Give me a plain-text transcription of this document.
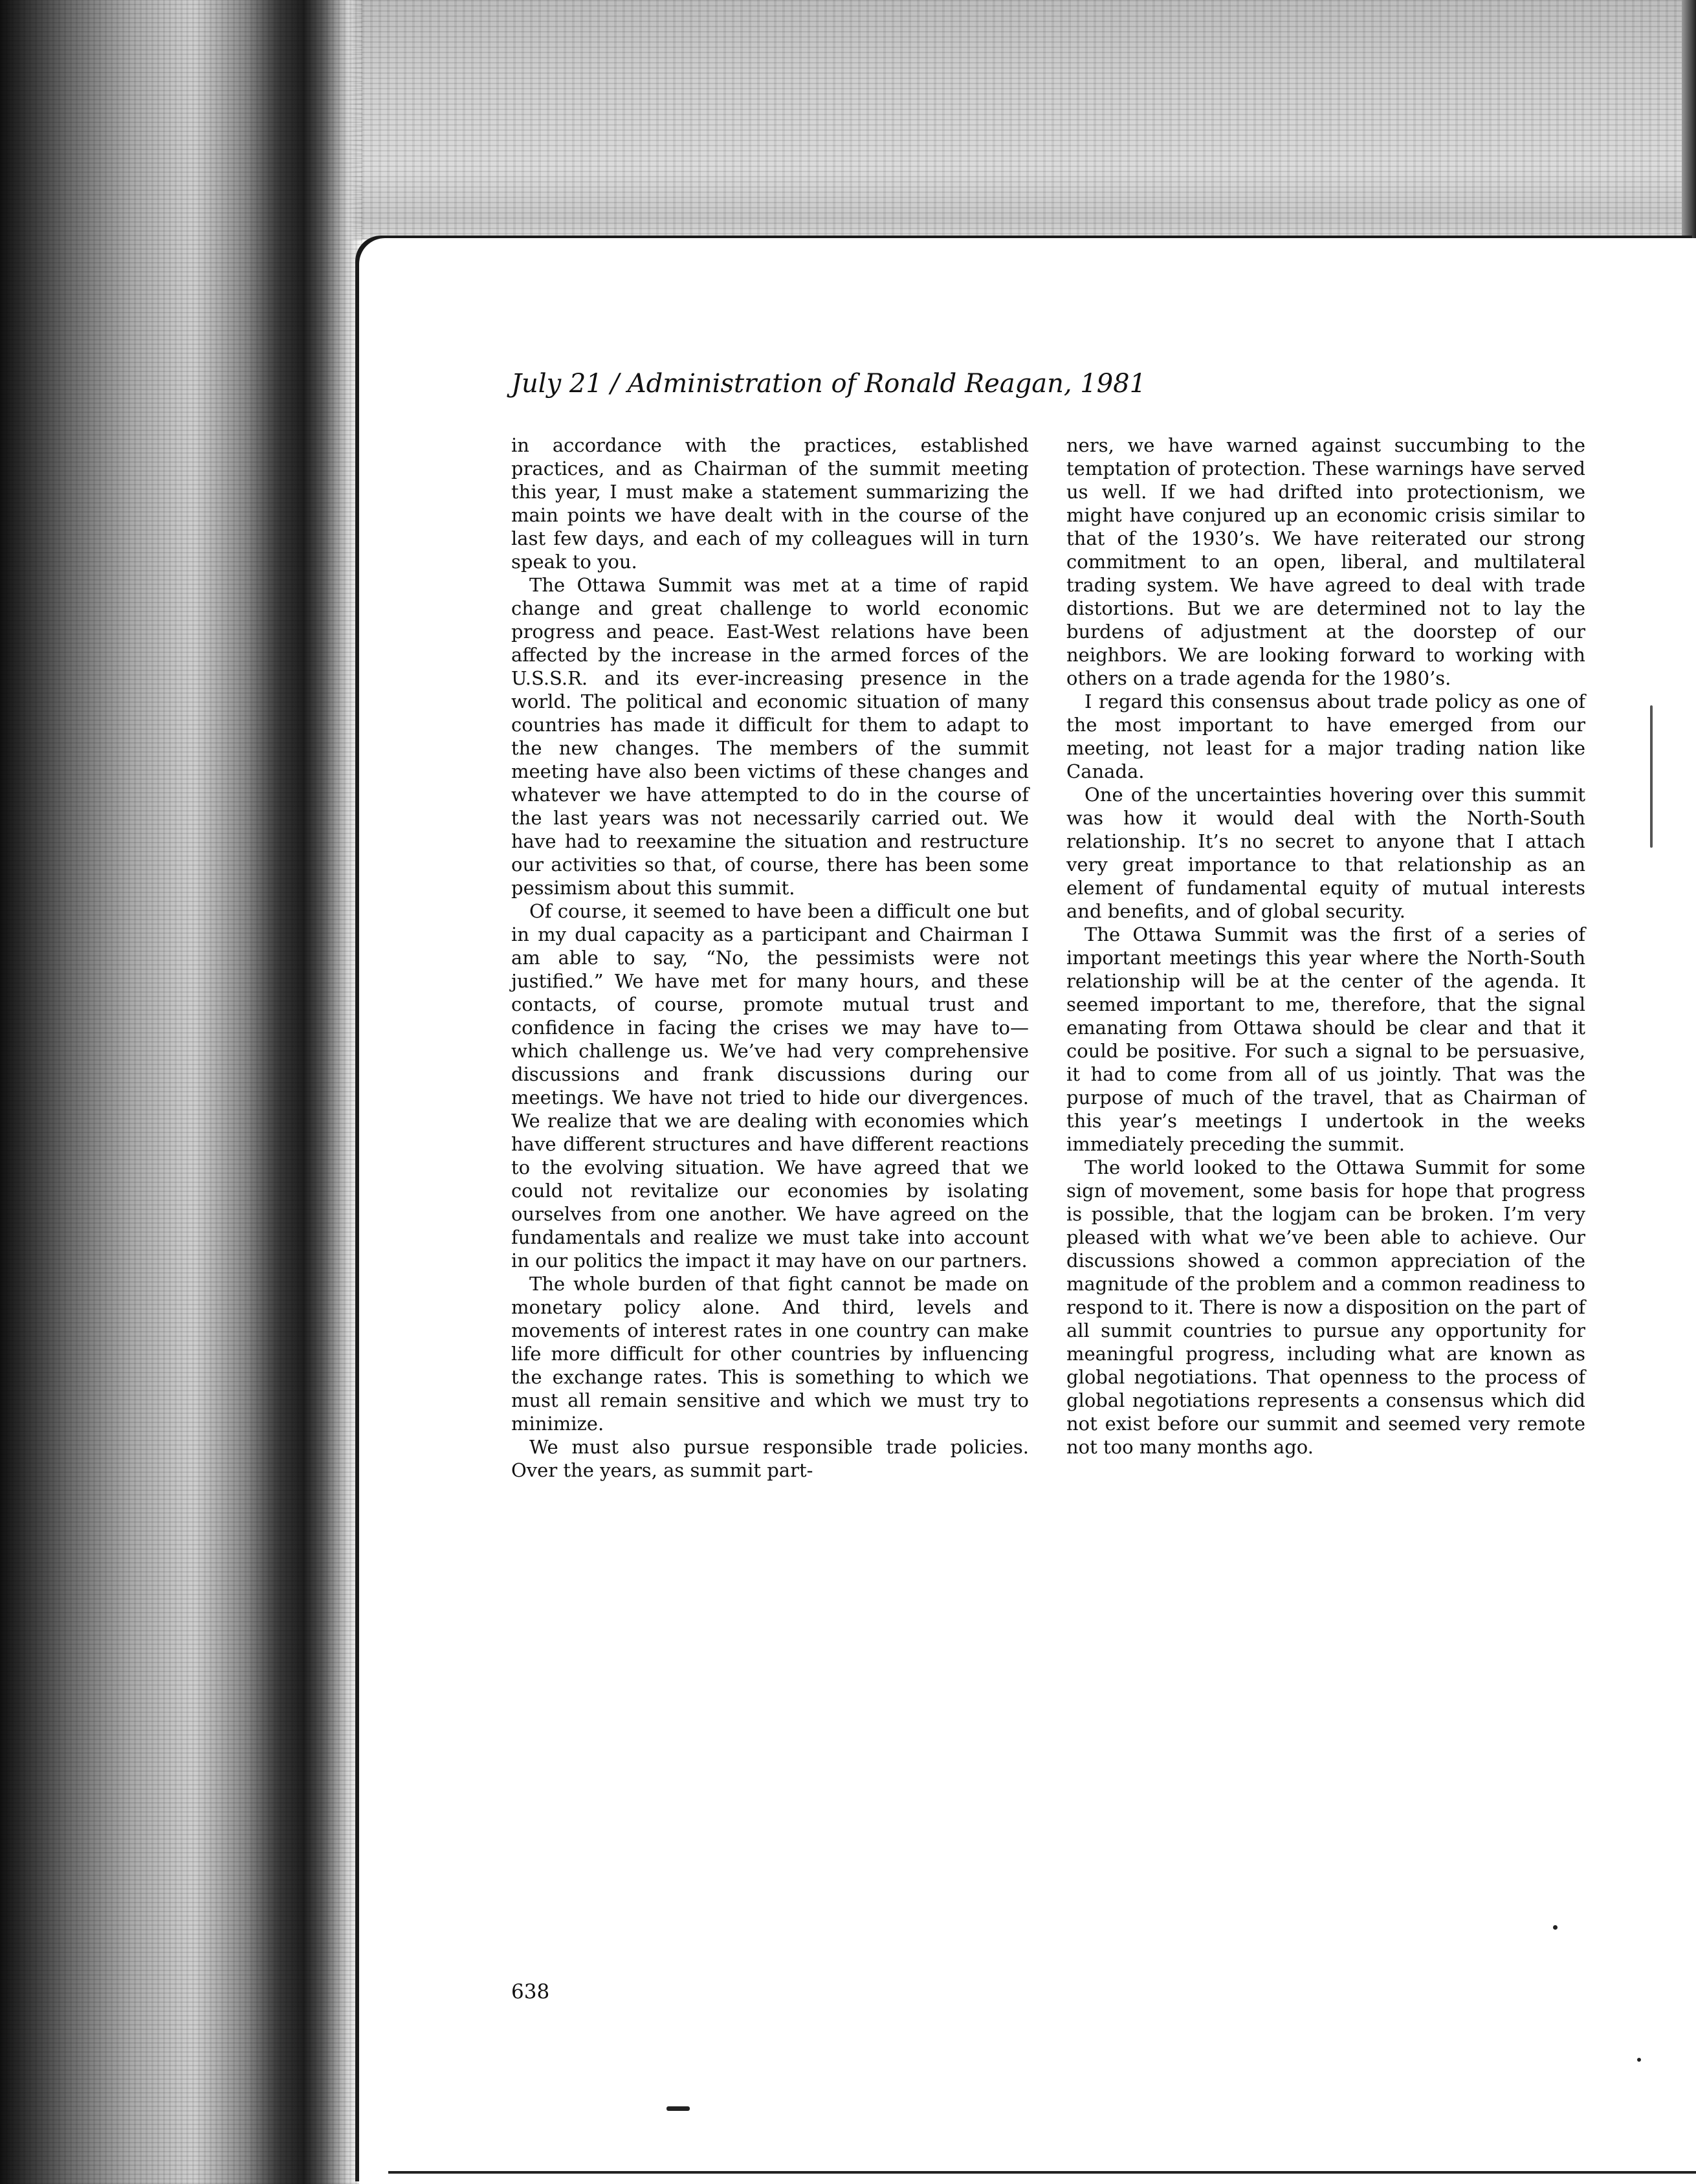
July 21 / Administration of Ronald Reagan, 1981

in accordance with the practices, established practices, and as Chairman of the summit meeting this year, I must make a statement summarizing the main points we have dealt with in the course of the last few days, and each of my colleagues will in turn speak to you.

The Ottawa Summit was met at a time of rapid change and great challenge to world economic progress and peace. East-West relations have been affected by the increase in the armed forces of the U.S.S.R. and its ever-increasing presence in the world. The political and economic situation of many countries has made it difficult for them to adapt to the new changes. The members of the summit meeting have also been victims of these changes and whatever we have attempted to do in the course of the last years was not necessarily carried out. We have had to reexamine the situation and restructure our activities so that, of course, there has been some pessimism about this summit.

Of course, it seemed to have been a difficult one but in my dual capacity as a participant and Chairman I am able to say, “No, the pessimists were not justified.” We have met for many hours, and these contacts, of course, promote mutual trust and confidence in facing the crises we may have to—which challenge us. We’ve had very comprehensive discussions and frank discussions during our meetings. We have not tried to hide our divergences. We realize that we are dealing with economies which have different structures and have different reactions to the evolving situation. We have agreed that we could not revitalize our economies by isolating ourselves from one another. We have agreed on the fundamentals and realize we must take into account in our politics the impact it may have on our partners.

The whole burden of that fight cannot be made on monetary policy alone. And third, levels and movements of interest rates in one country can make life more difficult for other countries by influencing the exchange rates. This is something to which we must all remain sensitive and which we must try to minimize.

We must also pursue responsible trade policies. Over the years, as summit part-

ners, we have warned against succumbing to the temptation of protection. These warnings have served us well. If we had drifted into protectionism, we might have conjured up an economic crisis similar to that of the 1930’s. We have reiterated our strong commitment to an open, liberal, and multilateral trading system. We have agreed to deal with trade distortions. But we are determined not to lay the burdens of adjustment at the doorstep of our neighbors. We are looking forward to working with others on a trade agenda for the 1980’s.

I regard this consensus about trade policy as one of the most important to have emerged from our meeting, not least for a major trading nation like Canada.

One of the uncertainties hovering over this summit was how it would deal with the North-South relationship. It’s no secret to anyone that I attach very great importance to that relationship as an element of fundamental equity of mutual interests and benefits, and of global security.

The Ottawa Summit was the first of a series of important meetings this year where the North-South relationship will be at the center of the agenda. It seemed important to me, therefore, that the signal emanating from Ottawa should be clear and that it could be positive. For such a signal to be persuasive, it had to come from all of us jointly. That was the purpose of much of the travel, that as Chairman of this year’s meetings I undertook in the weeks immediately preceding the summit.

The world looked to the Ottawa Summit for some sign of movement, some basis for hope that progress is possible, that the logjam can be broken. I’m very pleased with what we’ve been able to achieve. Our discussions showed a common appreciation of the magnitude of the problem and a common readiness to respond to it. There is now a disposition on the part of all summit countries to pursue any opportunity for meaningful progress, including what are known as global negotiations. That openness to the process of global negotiations represents a consensus which did not exist before our summit and seemed very remote not too many months ago.

638
